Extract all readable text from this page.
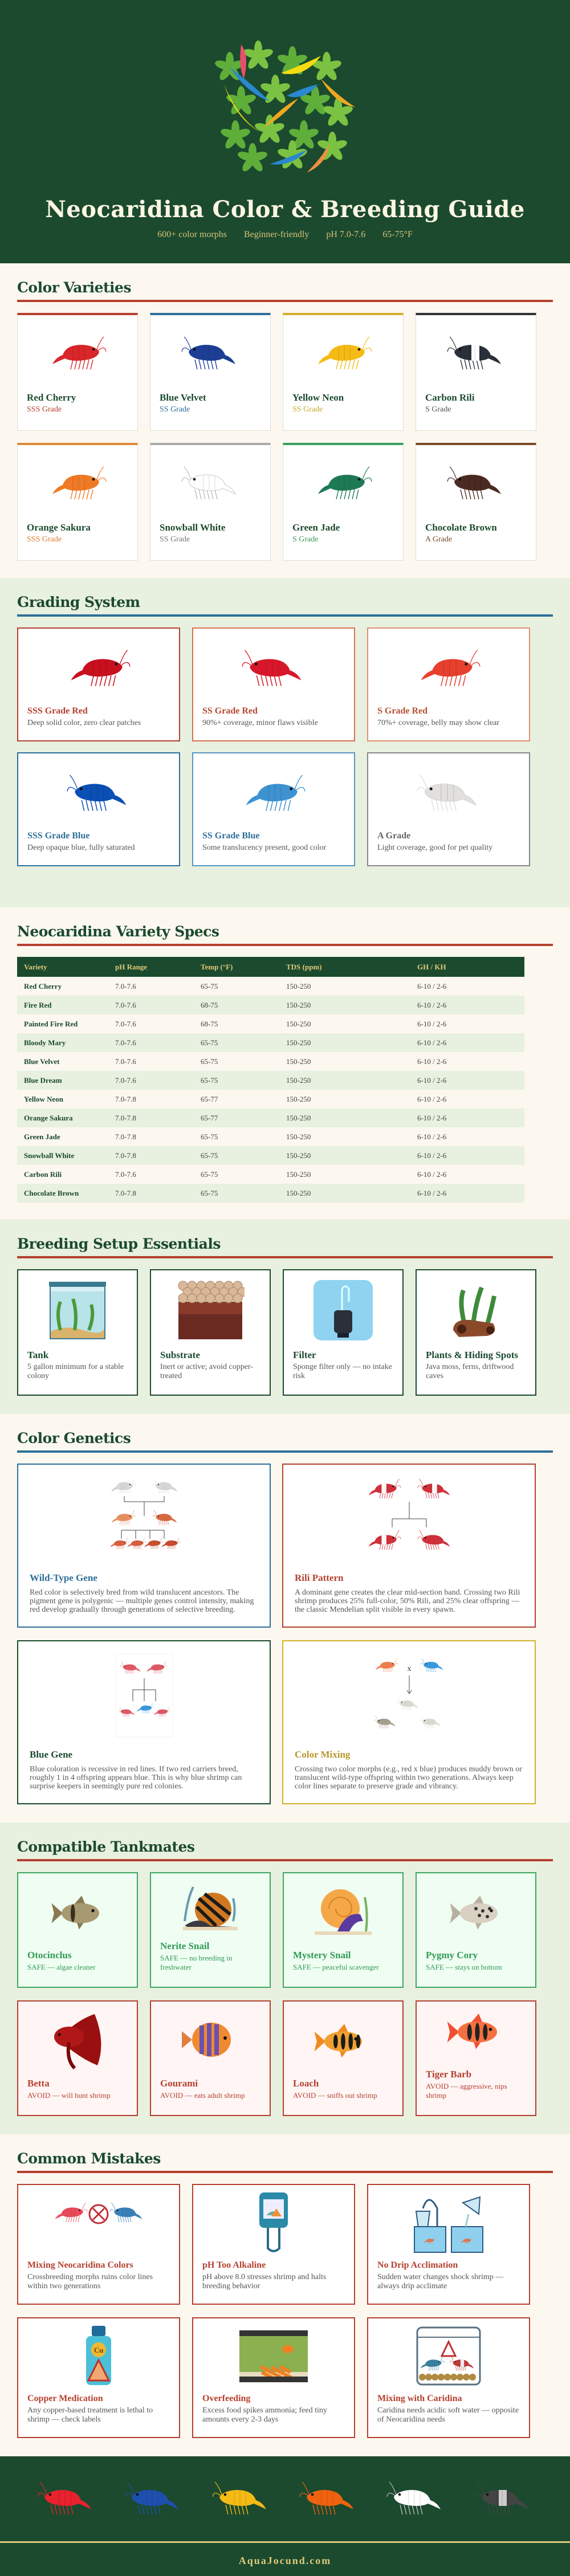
Neocaridina Color & Breeding Guide
600+ color morphs Beginner-friendly pH 7.0-7.6 65-75°F
Color Varieties
Red Cherry
SSS Grade
Blue Velvet
SS Grade
Yellow Neon
SS Grade
Carbon Rili
S Grade
Orange Sakura
SSS Grade
Snowball White
SS Grade
Green Jade
S Grade
Chocolate Brown
A Grade
Grading System
SSS Grade Red
Deep solid color, zero clear patches
SS Grade Red
90%+ coverage, minor flaws visible
S Grade Red
70%+ coverage, belly may show clear
SSS Grade Blue
Deep opaque blue, fully saturated
SS Grade Blue
Some translucency present, good color
A Grade
Light coverage, good for pet quality
Neocaridina Variety Specs
Variety	pH Range	Temp (°F)	TDS (ppm)	GH / KH
Red Cherry	7.0-7.6	65-75	150-250	6-10 / 2-6
Fire Red	7.0-7.6	68-75	150-250	6-10 / 2-6
Painted Fire Red	7.0-7.6	68-75	150-250	6-10 / 2-6
Bloody Mary	7.0-7.6	65-75	150-250	6-10 / 2-6
Blue Velvet	7.0-7.6	65-75	150-250	6-10 / 2-6
Blue Dream	7.0-7.6	65-75	150-250	6-10 / 2-6
Yellow Neon	7.0-7.8	65-77	150-250	6-10 / 2-6
Orange Sakura	7.0-7.8	65-77	150-250	6-10 / 2-6
Green Jade	7.0-7.8	65-75	150-250	6-10 / 2-6
Snowball White	7.0-7.8	65-75	150-250	6-10 / 2-6
Carbon Rili	7.0-7.6	65-75	150-250	6-10 / 2-6
Chocolate Brown	7.0-7.8	65-75	150-250	6-10 / 2-6
Breeding Setup Essentials
Tank
5 gallon minimum for a stable colony
Substrate
Inert or active; avoid copper-treated
Filter
Sponge filter only — no intake risk
Plants & Hiding Spots
Java moss, ferns, driftwood caves
Color Genetics
Wild-Type Gene
Red color is selectively bred from wild translucent ancestors. The pigment gene is polygenic — multiple genes control intensity, making red develop gradually through generations of selective breeding.
Rili Pattern
A dominant gene creates the clear mid-section band. Crossing two Rili shrimp produces 25% full-color, 50% Rili, and 25% clear offspring — the classic Mendelian split visible in every spawn.
Blue Gene
Blue coloration is recessive in red lines. If two red carriers breed, roughly 1 in 4 offspring appears blue. This is why blue shrimp can surprise keepers in seemingly pure red colonies.
x
Color Mixing
Crossing two color morphs (e.g., red x blue) produces muddy brown or translucent wild-type offspring within two generations. Always keep color lines separate to preserve grade and vibrancy.
Compatible Tankmates
Otocinclus
SAFE — algae cleaner
Nerite Snail
SAFE — no breeding in freshwater
Mystery Snail
SAFE — peaceful scavenger
Pygmy Cory
SAFE — stays on bottom
Betta
AVOID — will hunt shrimp
Gourami
AVOID — eats adult shrimp
Loach
AVOID — sniffs out shrimp
Tiger Barb
AVOID — aggressive, nips shrimp
Common Mistakes
Mixing Neocaridina Colors
Crossbreeding morphs ruins color lines within two generations
pH Too Alkaline
pH above 8.0 stresses shrimp and halts breeding behavior
No Drip Acclimation
Sudden water changes shock shrimp — always drip acclimate
Cu
Copper Medication
Any copper-based treatment is lethal to shrimp — check labels
Overfeeding
Excess food spikes ammonia; feed tiny amounts every 2-3 days
Mixing with Caridina
Caridina needs acidic soft water — opposite of Neocaridina needs
AquaJocund.com
